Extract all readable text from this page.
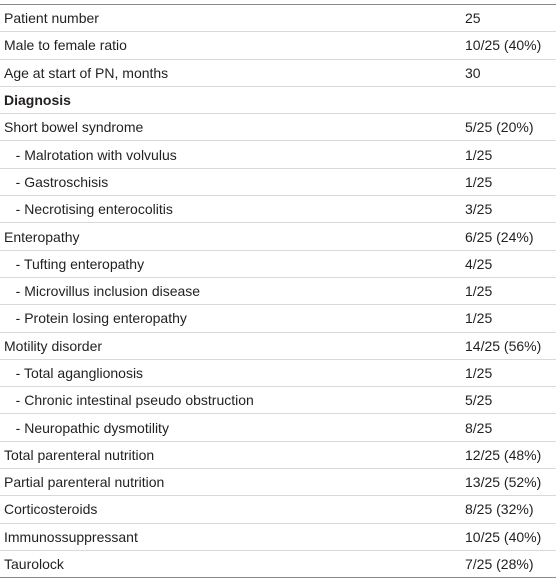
Patient number	25
Male to female ratio	10/25 (40%)
Age at start of PN, months	30
Diagnosis	
Short bowel syndrome	5/25 (20%)
- Malrotation with volvulus	1/25
- Gastroschisis	1/25
- Necrotising enterocolitis	3/25
Enteropathy	6/25 (24%)
- Tufting enteropathy	4/25
- Microvillus inclusion disease	1/25
- Protein losing enteropathy	1/25
Motility disorder	14/25 (56%)
- Total aganglionosis	1/25
- Chronic intestinal pseudo obstruction	5/25
- Neuropathic dysmotility	8/25
Total parenteral nutrition	12/25 (48%)
Partial parenteral nutrition	13/25 (52%)
Corticosteroids	8/25 (32%)
Immunossuppressant	10/25 (40%)
Taurolock	7/25 (28%)
